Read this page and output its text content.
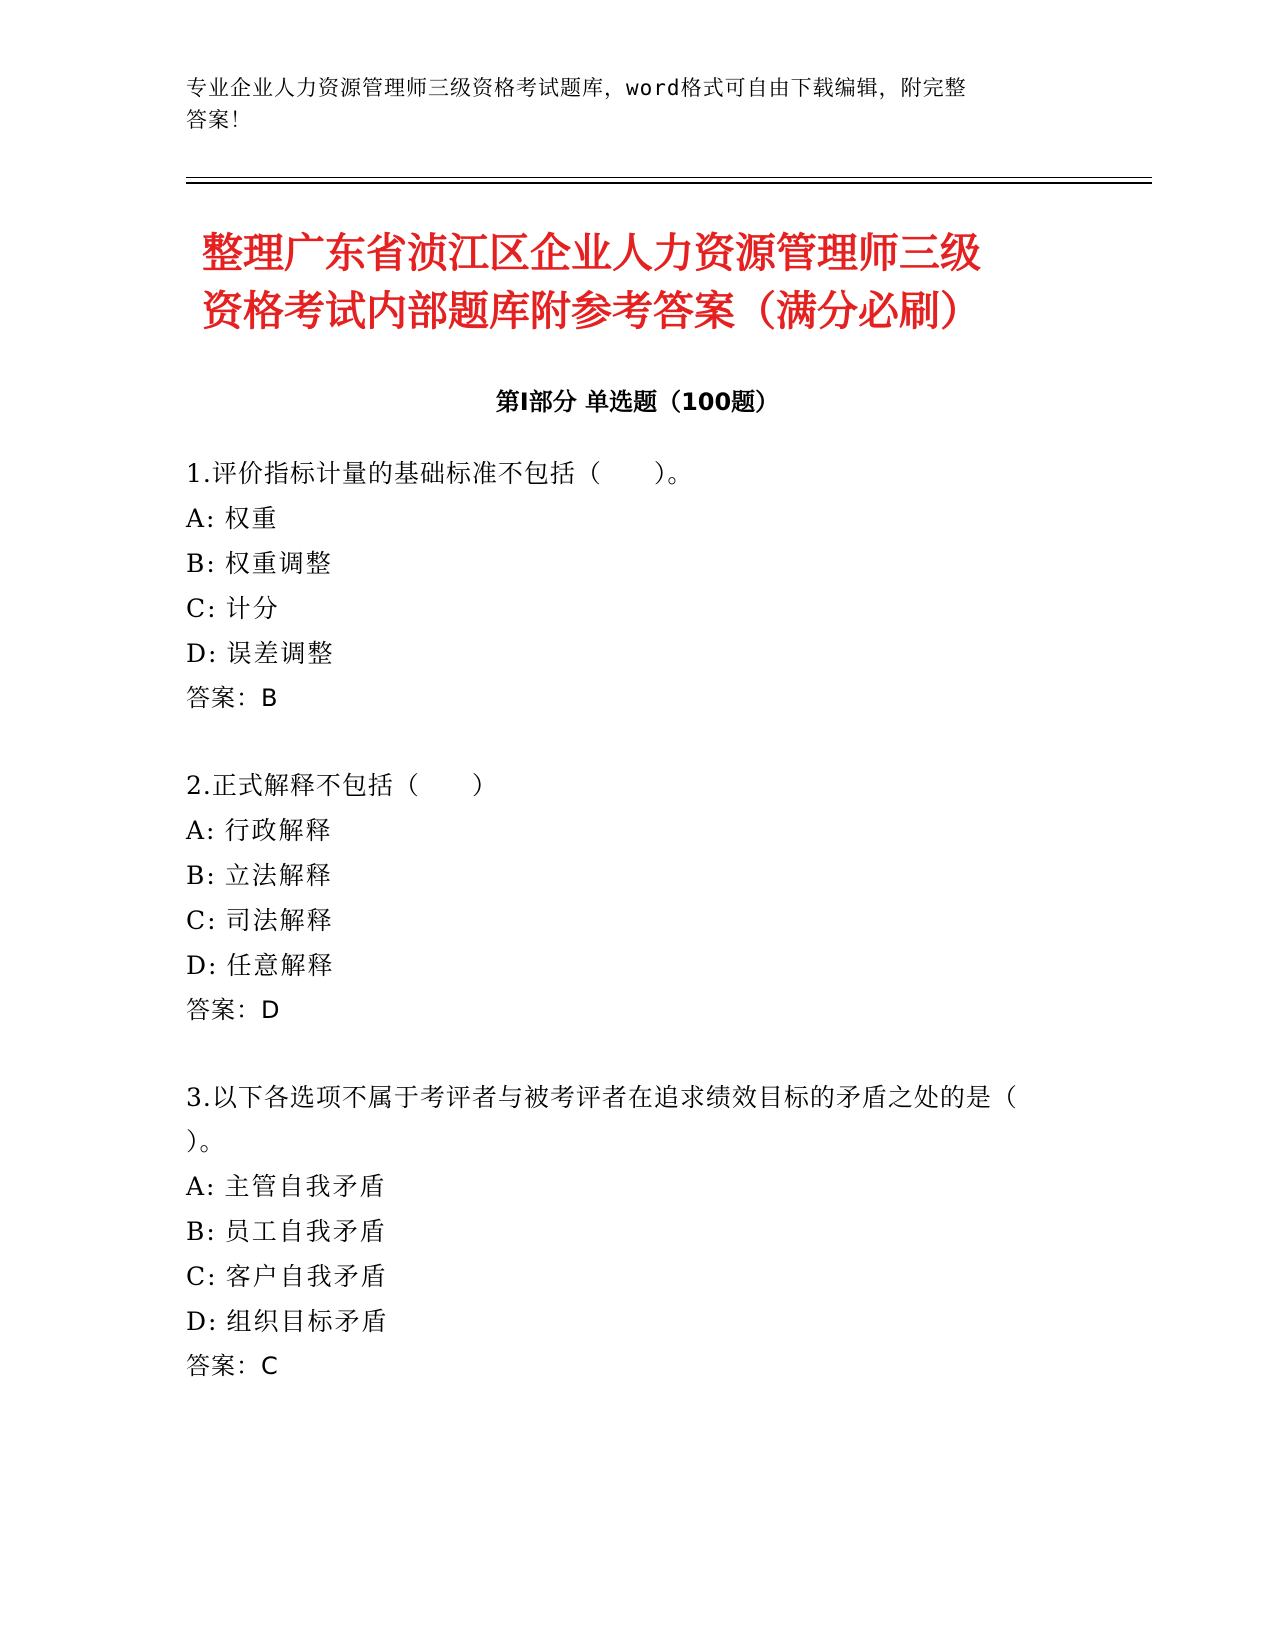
专业企业人力资源管理师三级资格考试题库，word格式可自由下载编辑，附完整
答案！
整理广东省浈江区企业人力资源管理师三级
资格考试内部题库附参考答案（满分必刷）
第Ⅰ部分 单选题（100题）

1.评价指标计量的基础标准不包括（　　）。

A: 权重

B: 权重调整

C: 计分

D: 误差调整

答案：B

2.正式解释不包括（　　）

A: 行政解释

B: 立法解释

C: 司法解释

D: 任意解释

答案：D

3.以下各选项不属于考评者与被考评者在追求绩效目标的矛盾之处的是（ ）。

A: 主管自我矛盾

B: 员工自我矛盾

C: 客户自我矛盾

D: 组织目标矛盾

答案：C
